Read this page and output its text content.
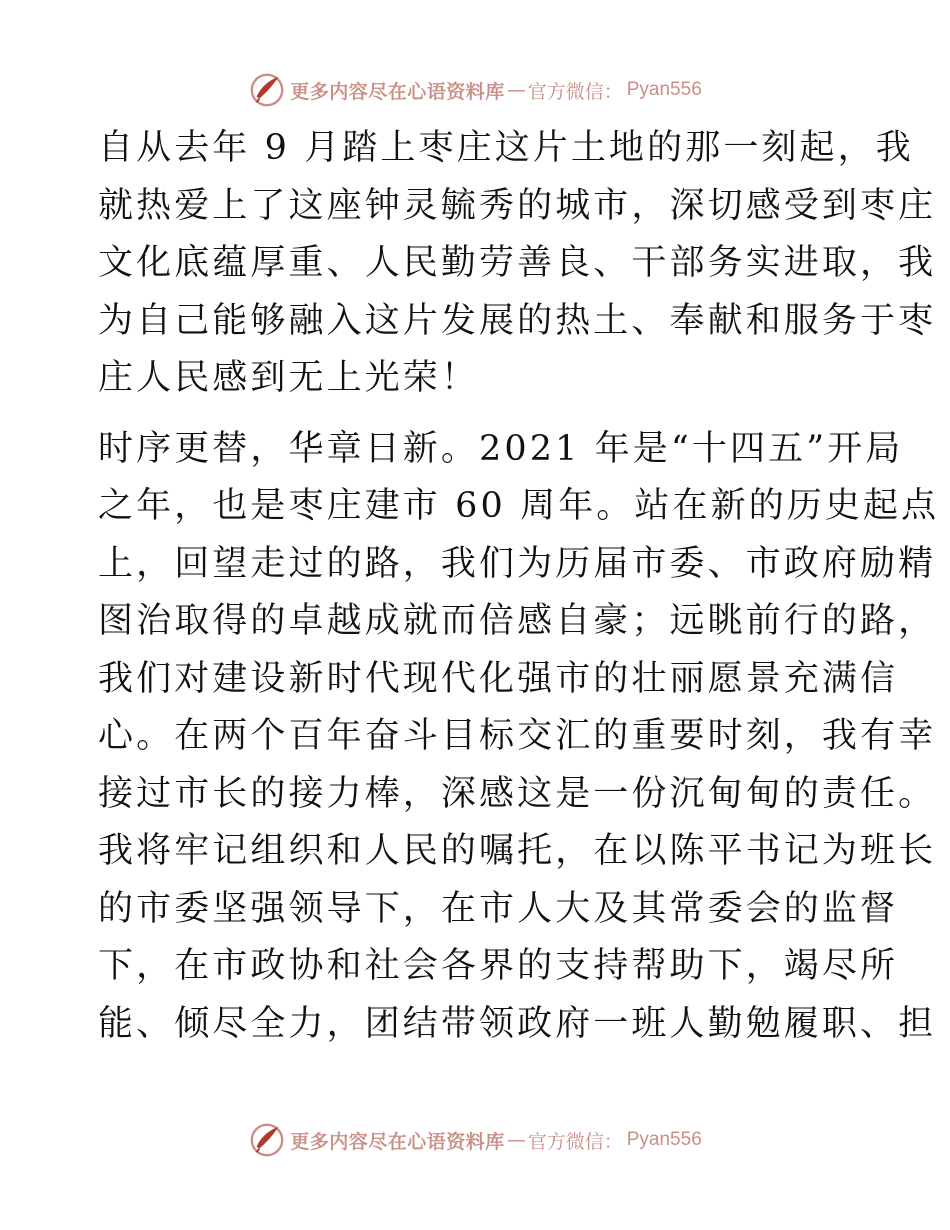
更多内容尽在心语资料库 — 官方微信： Pyan556

自从去年 9 月踏上枣庄这片土地的那一刻起，我
就热爱上了这座钟灵毓秀的城市，深切感受到枣庄
文化底蕴厚重、人民勤劳善良、干部务实进取，我
为自己能够融入这片发展的热土、奉献和服务于枣
庄人民感到无上光荣！

时序更替，华章日新。2021 年是“十四五”开局
之年，也是枣庄建市 60 周年。站在新的历史起点
上，回望走过的路，我们为历届市委、市政府励精
图治取得的卓越成就而倍感自豪；远眺前行的路，
我们对建设新时代现代化强市的壮丽愿景充满信
心。在两个百年奋斗目标交汇的重要时刻，我有幸
接过市长的接力棒，深感这是一份沉甸甸的责任。
我将牢记组织和人民的嘱托，在以陈平书记为班长
的市委坚强领导下，在市人大及其常委会的监督
下，在市政协和社会各界的支持帮助下，竭尽所
能、倾尽全力，团结带领政府一班人勤勉履职、担

更多内容尽在心语资料库 — 官方微信： Pyan556
